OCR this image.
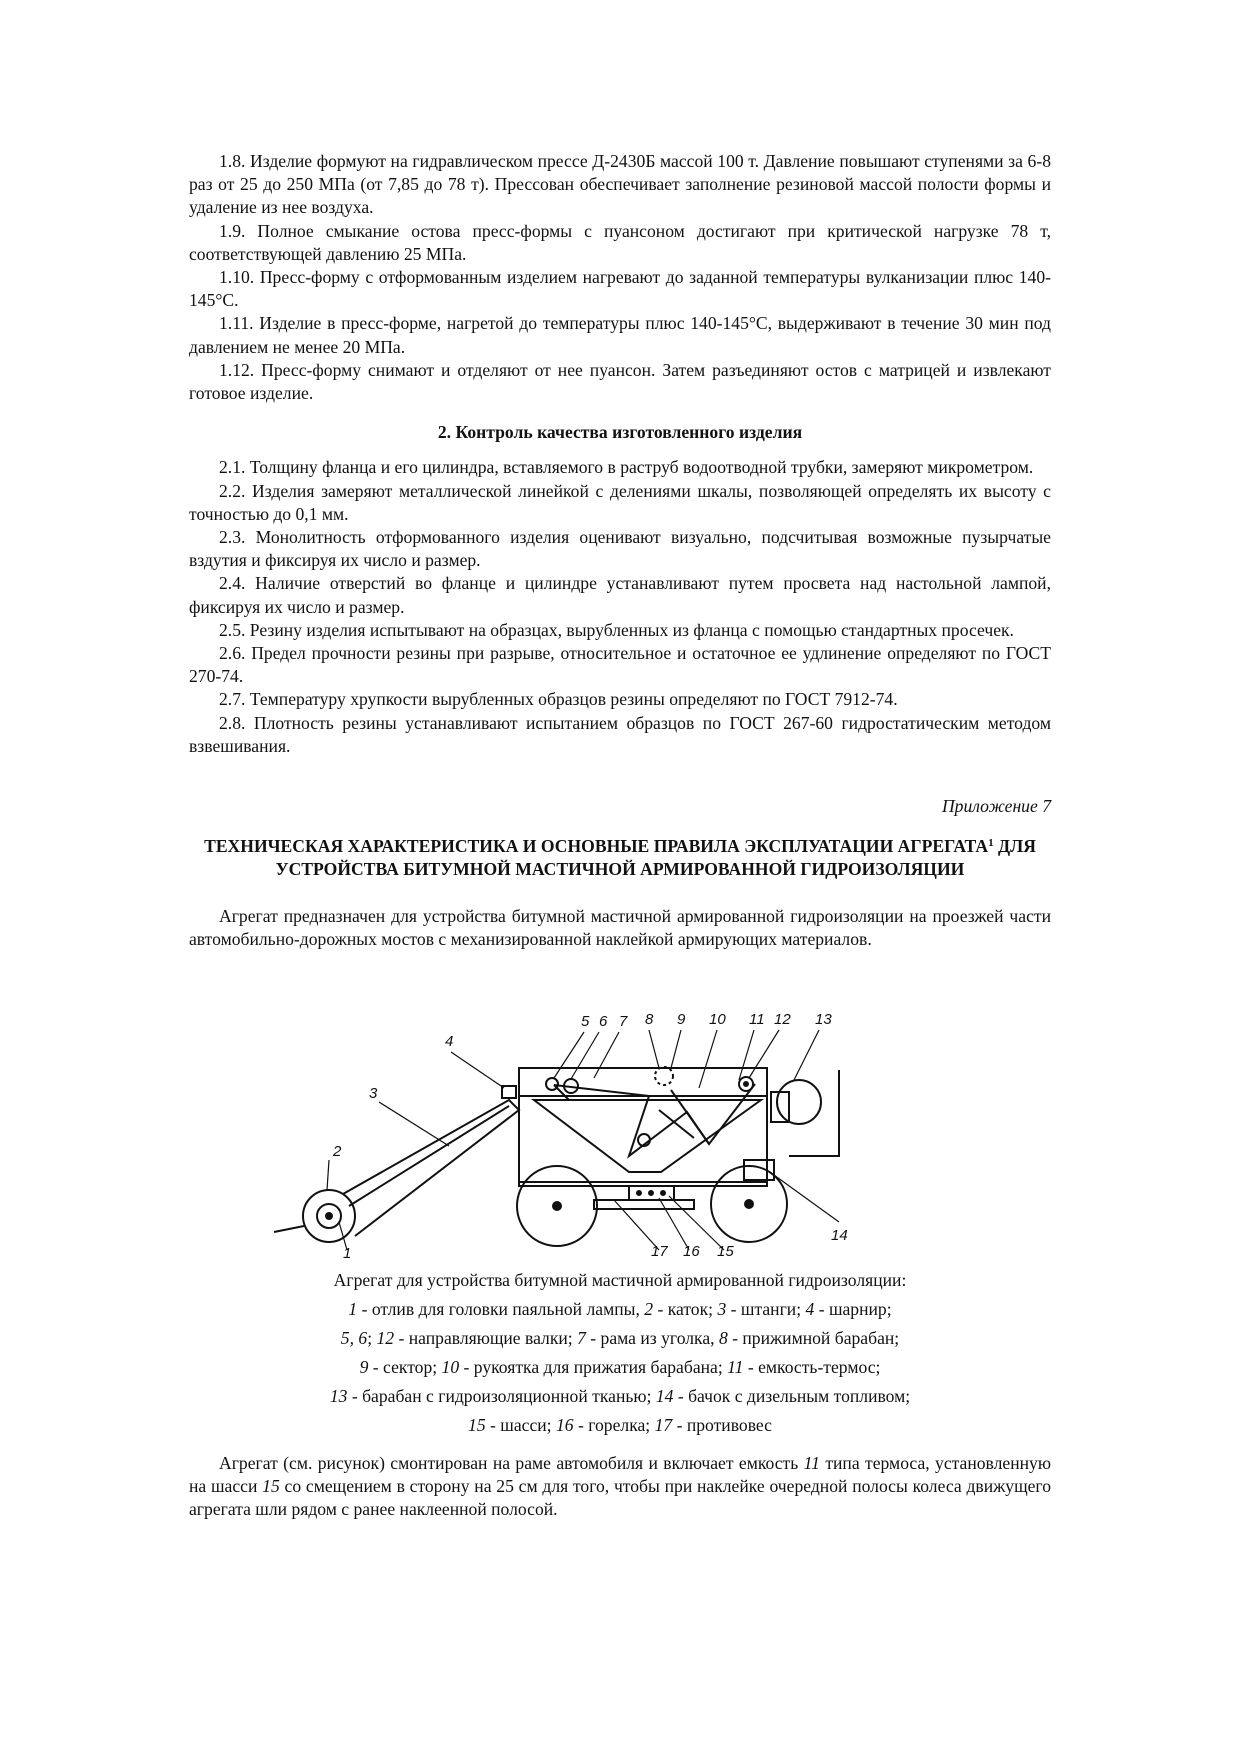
1.8. Изделие формуют на гидравлическом прессе Д-2430Б массой 100 т. Давление повышают ступенями за 6-8 раз от 25 до 250 МПа (от 7,85 до 78 т). Прессован обеспечивает заполнение резиновой массой полости формы и удаление из нее воздуха.

1.9. Полное смыкание остова пресс-формы с пуансоном достигают при критической нагрузке 78 т, соответствующей давлению 25 МПа.

1.10. Пресс-форму с отформованным изделием нагревают до заданной температуры вулканизации плюс 140-145°С.

1.11. Изделие в пресс-форме, нагретой до температуры плюс 140-145°С, выдерживают в течение 30 мин под давлением не менее 20 МПа.

1.12. Пресс-форму снимают и отделяют от нее пуансон. Затем разъединяют остов с матрицей и извлекают готовое изделие.

2. Контроль качества изготовленного изделия

2.1. Толщину фланца и его цилиндра, вставляемого в раструб водоотводной трубки, замеряют микрометром.

2.2. Изделия замеряют металлической линейкой с делениями шкалы, позволяющей определять их высоту с точностью до 0,1 мм.

2.3. Монолитность отформованного изделия оценивают визуально, подсчитывая возможные пузырчатые вздутия и фиксируя их число и размер.

2.4. Наличие отверстий во фланце и цилиндре устанавливают путем просвета над настольной лампой, фиксируя их число и размер.

2.5. Резину изделия испытывают на образцах, вырубленных из фланца с помощью стандартных просечек.

2.6. Предел прочности резины при разрыве, относительное и остаточное ее удлинение определяют по ГОСТ 270-74.

2.7. Температуру хрупкости вырубленных образцов резины определяют по ГОСТ 7912-74.

2.8. Плотность резины устанавливают испытанием образцов по ГОСТ 267-60 гидростатическим методом взвешивания.

Приложение 7
ТЕХНИЧЕСКАЯ ХАРАКТЕРИСТИКА И ОСНОВНЫЕ ПРАВИЛА ЭКСПЛУАТАЦИИ АГРЕГАТА$^1$ ДЛЯ УСТРОЙСТВА БИТУМНОЙ МАСТИЧНОЙ АРМИРОВАННОЙ ГИДРОИЗОЛЯЦИИ

Агрегат предназначен для устройства битумной мастичной армированной гидроизоляции на проезжей части автомобильно-дорожных мостов с механизированной наклейкой армирующих материалов.

1
2
3
4
5 6 7 8 9 10 11 12 13
14
15
16
17
Агрегат для устройства битумной мастичной армированной гидроизоляции:
1 - отлив для головки паяльной лампы, 2 - каток; 3 - штанги; 4 - шарнир;
5, 6; 12 - направляющие валки; 7 - рама из уголка, 8 - прижимной барабан;
9 - сектор; 10 - рукоятка для прижатия барабана; 11 - емкость-термос;
13 - барабан с гидроизоляционной тканью; 14 - бачок с дизельным топливом;
15 - шасси; 16 - горелка; 17 - противовес

Агрегат (см. рисунок) смонтирован на раме автомобиля и включает емкость 11 типа термоса, установленную на шасси 15 со смещением в сторону на 25 см для того, чтобы при наклейке очередной полосы колеса движущего агрегата шли рядом с ранее наклеенной полосой.
